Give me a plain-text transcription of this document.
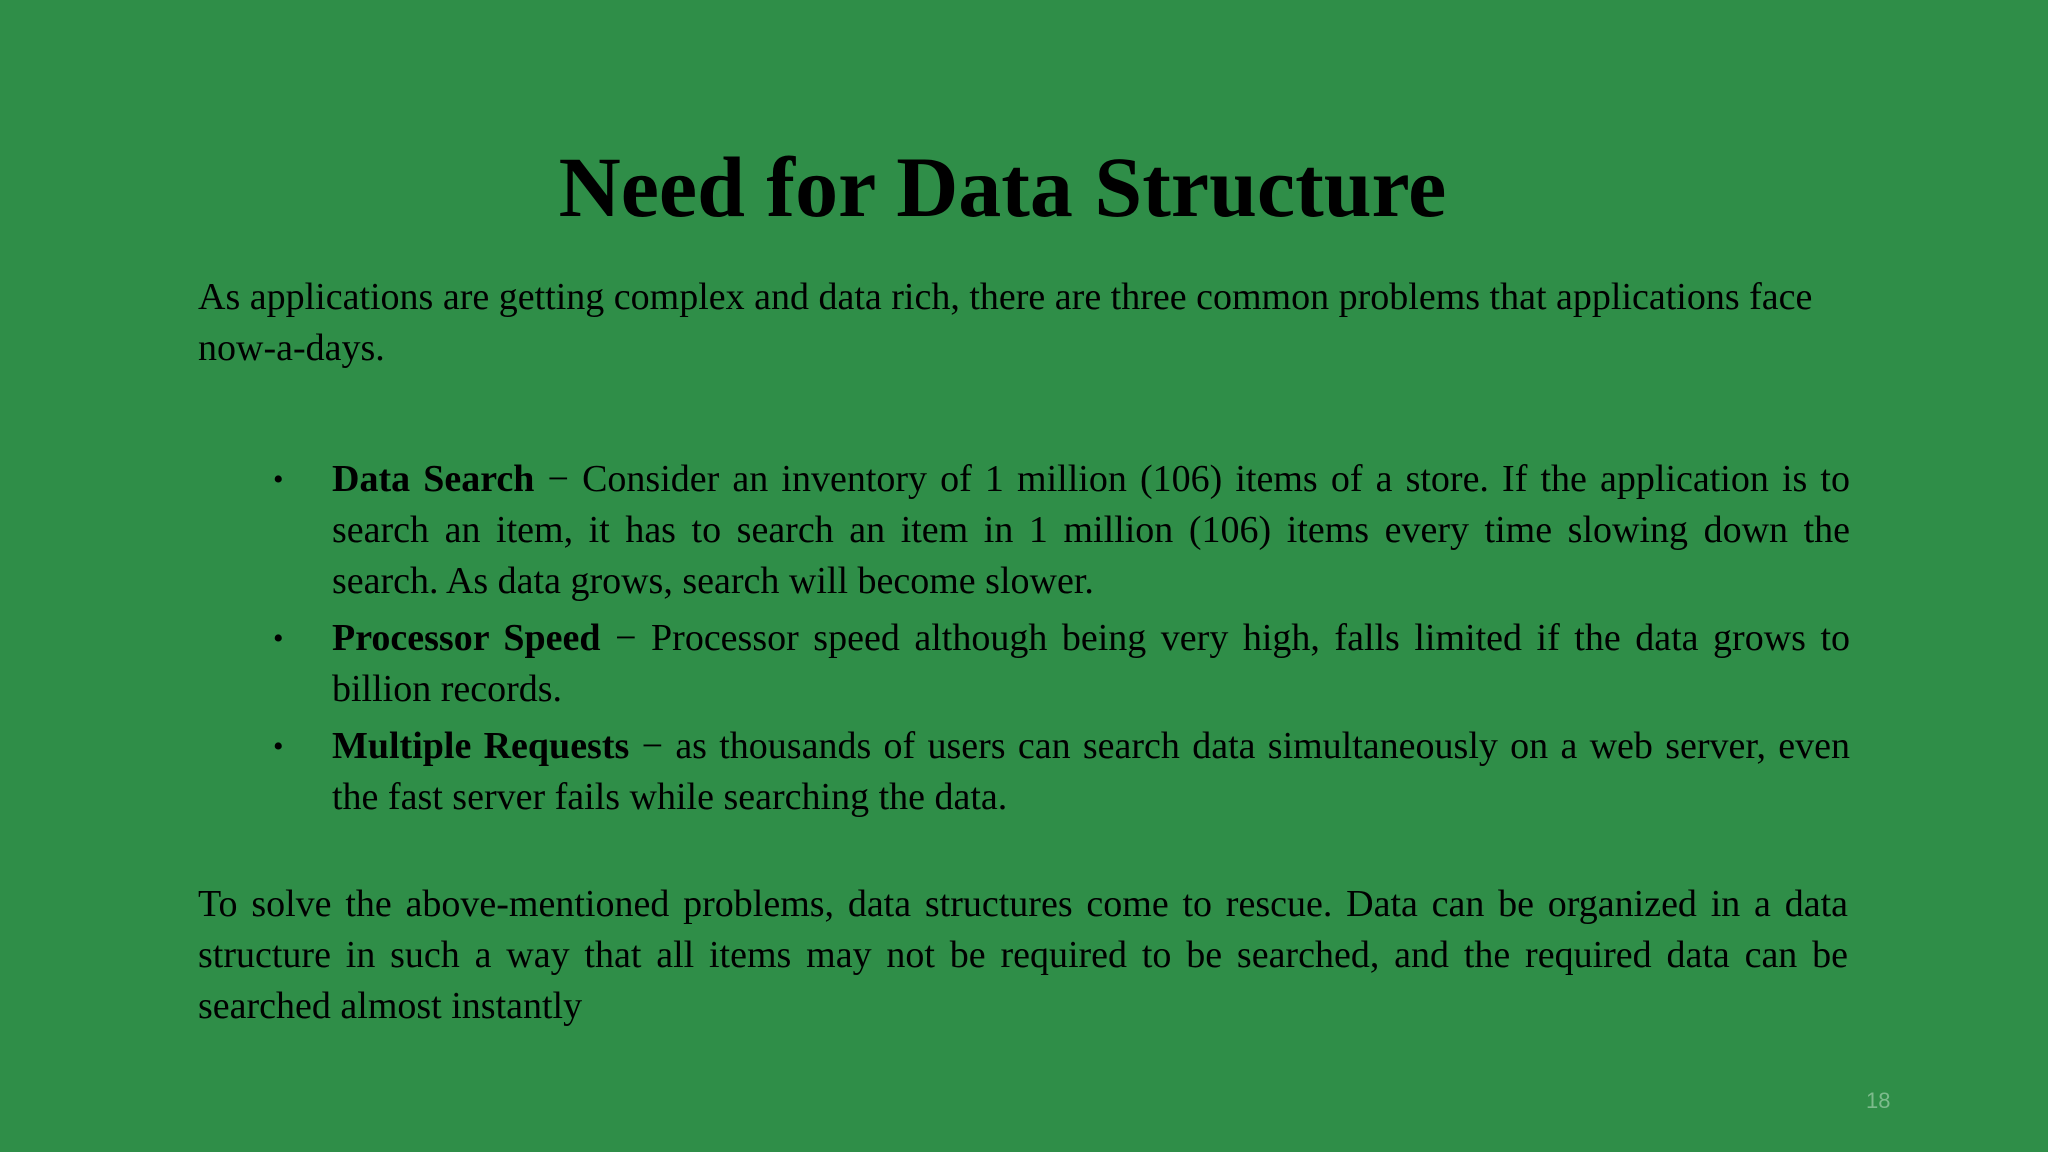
Need for Data Structure

As applications are getting complex and data rich, there are three common problems that applications face now-a-days.

• Data Search − Consider an inventory of 1 million (106) items of a store. If the application is to search an item, it has to search an item in 1 million (106) items every time slowing down the search. As data grows, search will become slower.
• Processor Speed − Processor speed although being very high, falls limited if the data grows to billion records.
• Multiple Requests − as thousands of users can search data simultaneously on a web server, even the fast server fails while searching the data.

To solve the above-mentioned problems, data structures come to rescue. Data can be organized in a data structure in such a way that all items may not be required to be searched, and the required data can be searched almost instantly

18
